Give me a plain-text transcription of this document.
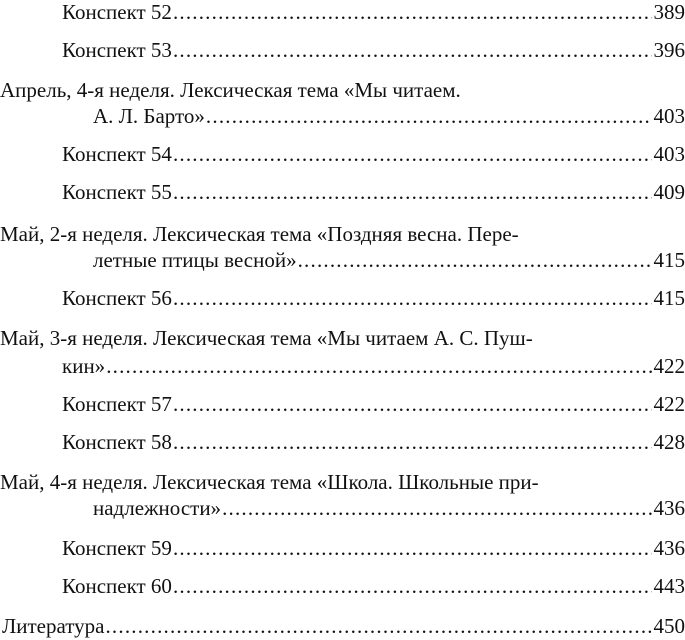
Конспект 52 .....	389
Конспект 53 .....	396
Апрель, 4-я неделя. Лексическая тема «Мы читаем.
А. Л. Барто» .....	403
Конспект 54 .....	403
Конспект 55 .....	409
Май, 2-я неделя. Лексическая тема «Поздняя весна. Пере-
летные птицы весной» .....	415
Конспект 56 .....	415
Май, 3-я неделя. Лексическая тема «Мы читаем А. С. Пуш-
кин» .....	422
Конспект 57 .....	422
Конспект 58 .....	428
Май, 4-я неделя. Лексическая тема «Школа. Школьные при-
надлежности» .....	436
Конспект 59 .....	436
Конспект 60 .....	443
Литература .....	450
